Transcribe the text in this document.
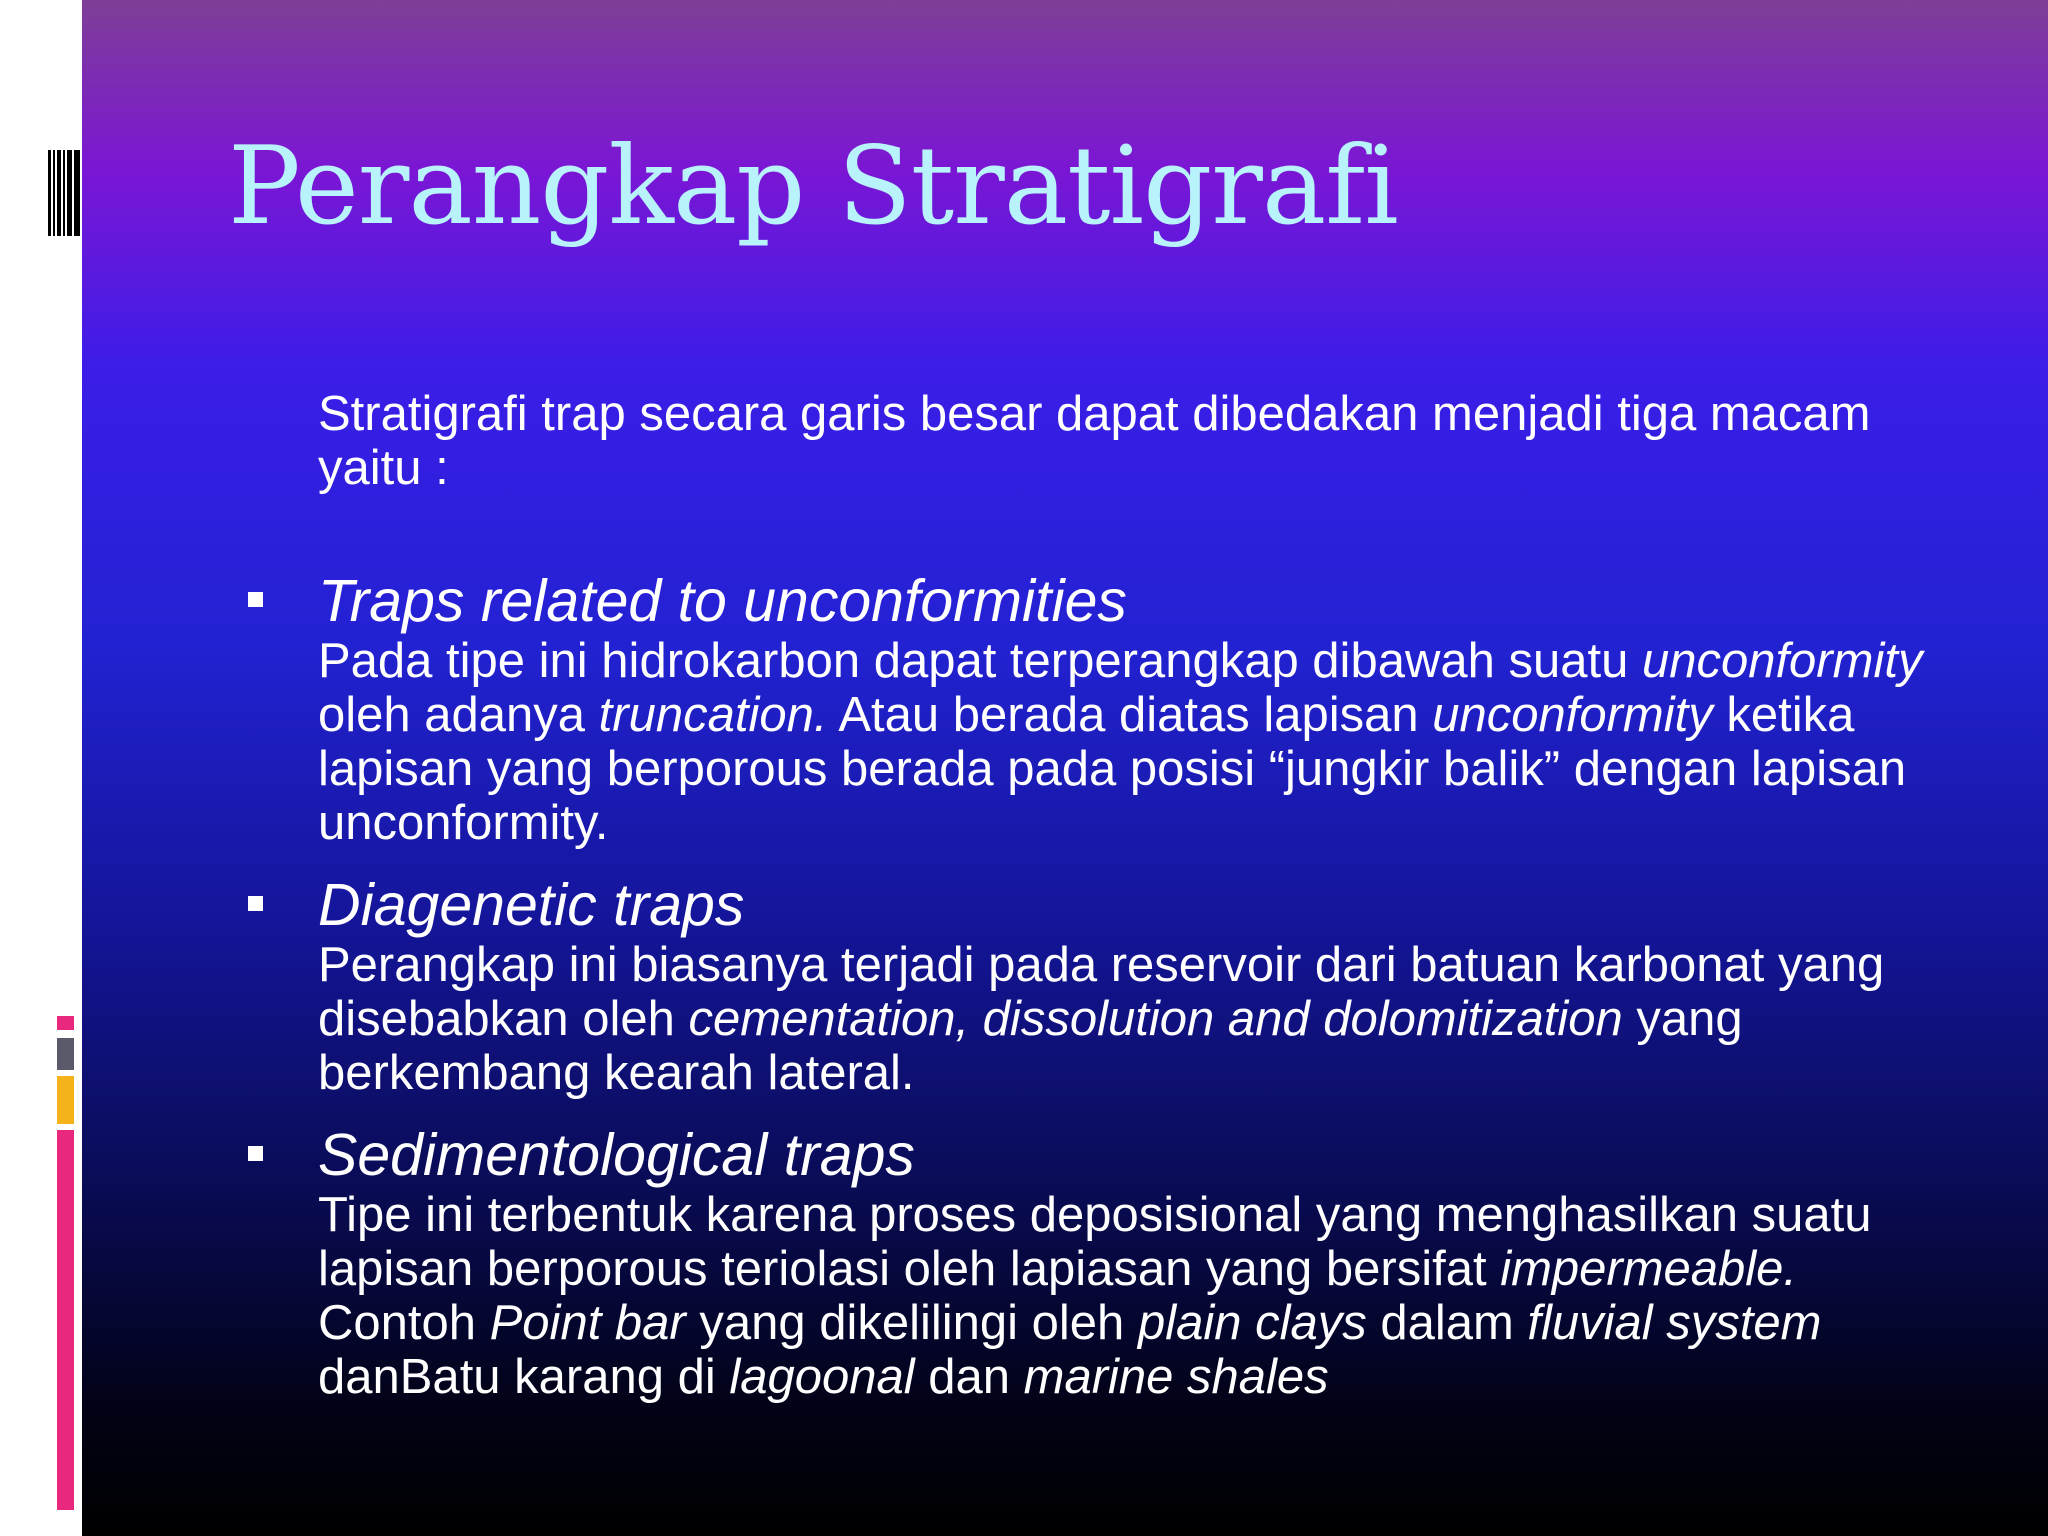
Perangkap Stratigrafi

Stratigrafi trap secara garis besar dapat dibedakan menjadi tiga macam yaitu :

Traps related to unconformities
Pada tipe ini hidrokarbon dapat terperangkap dibawah suatu unconformity oleh adanya truncation. Atau berada diatas lapisan unconformity ketika lapisan yang berporous berada pada posisi “jungkir balik” dengan lapisan unconformity.
Diagenetic traps
Perangkap ini biasanya terjadi pada reservoir dari batuan karbonat yang disebabkan oleh cementation, dissolution and dolomitization yang berkembang kearah lateral.
Sedimentological traps
Tipe ini terbentuk karena proses deposisional yang menghasilkan suatu lapisan berporous teriolasi oleh lapiasan yang bersifat impermeable. Contoh Point bar yang dikelilingi oleh plain clays dalam fluvial system danBatu karang di lagoonal dan marine shales
